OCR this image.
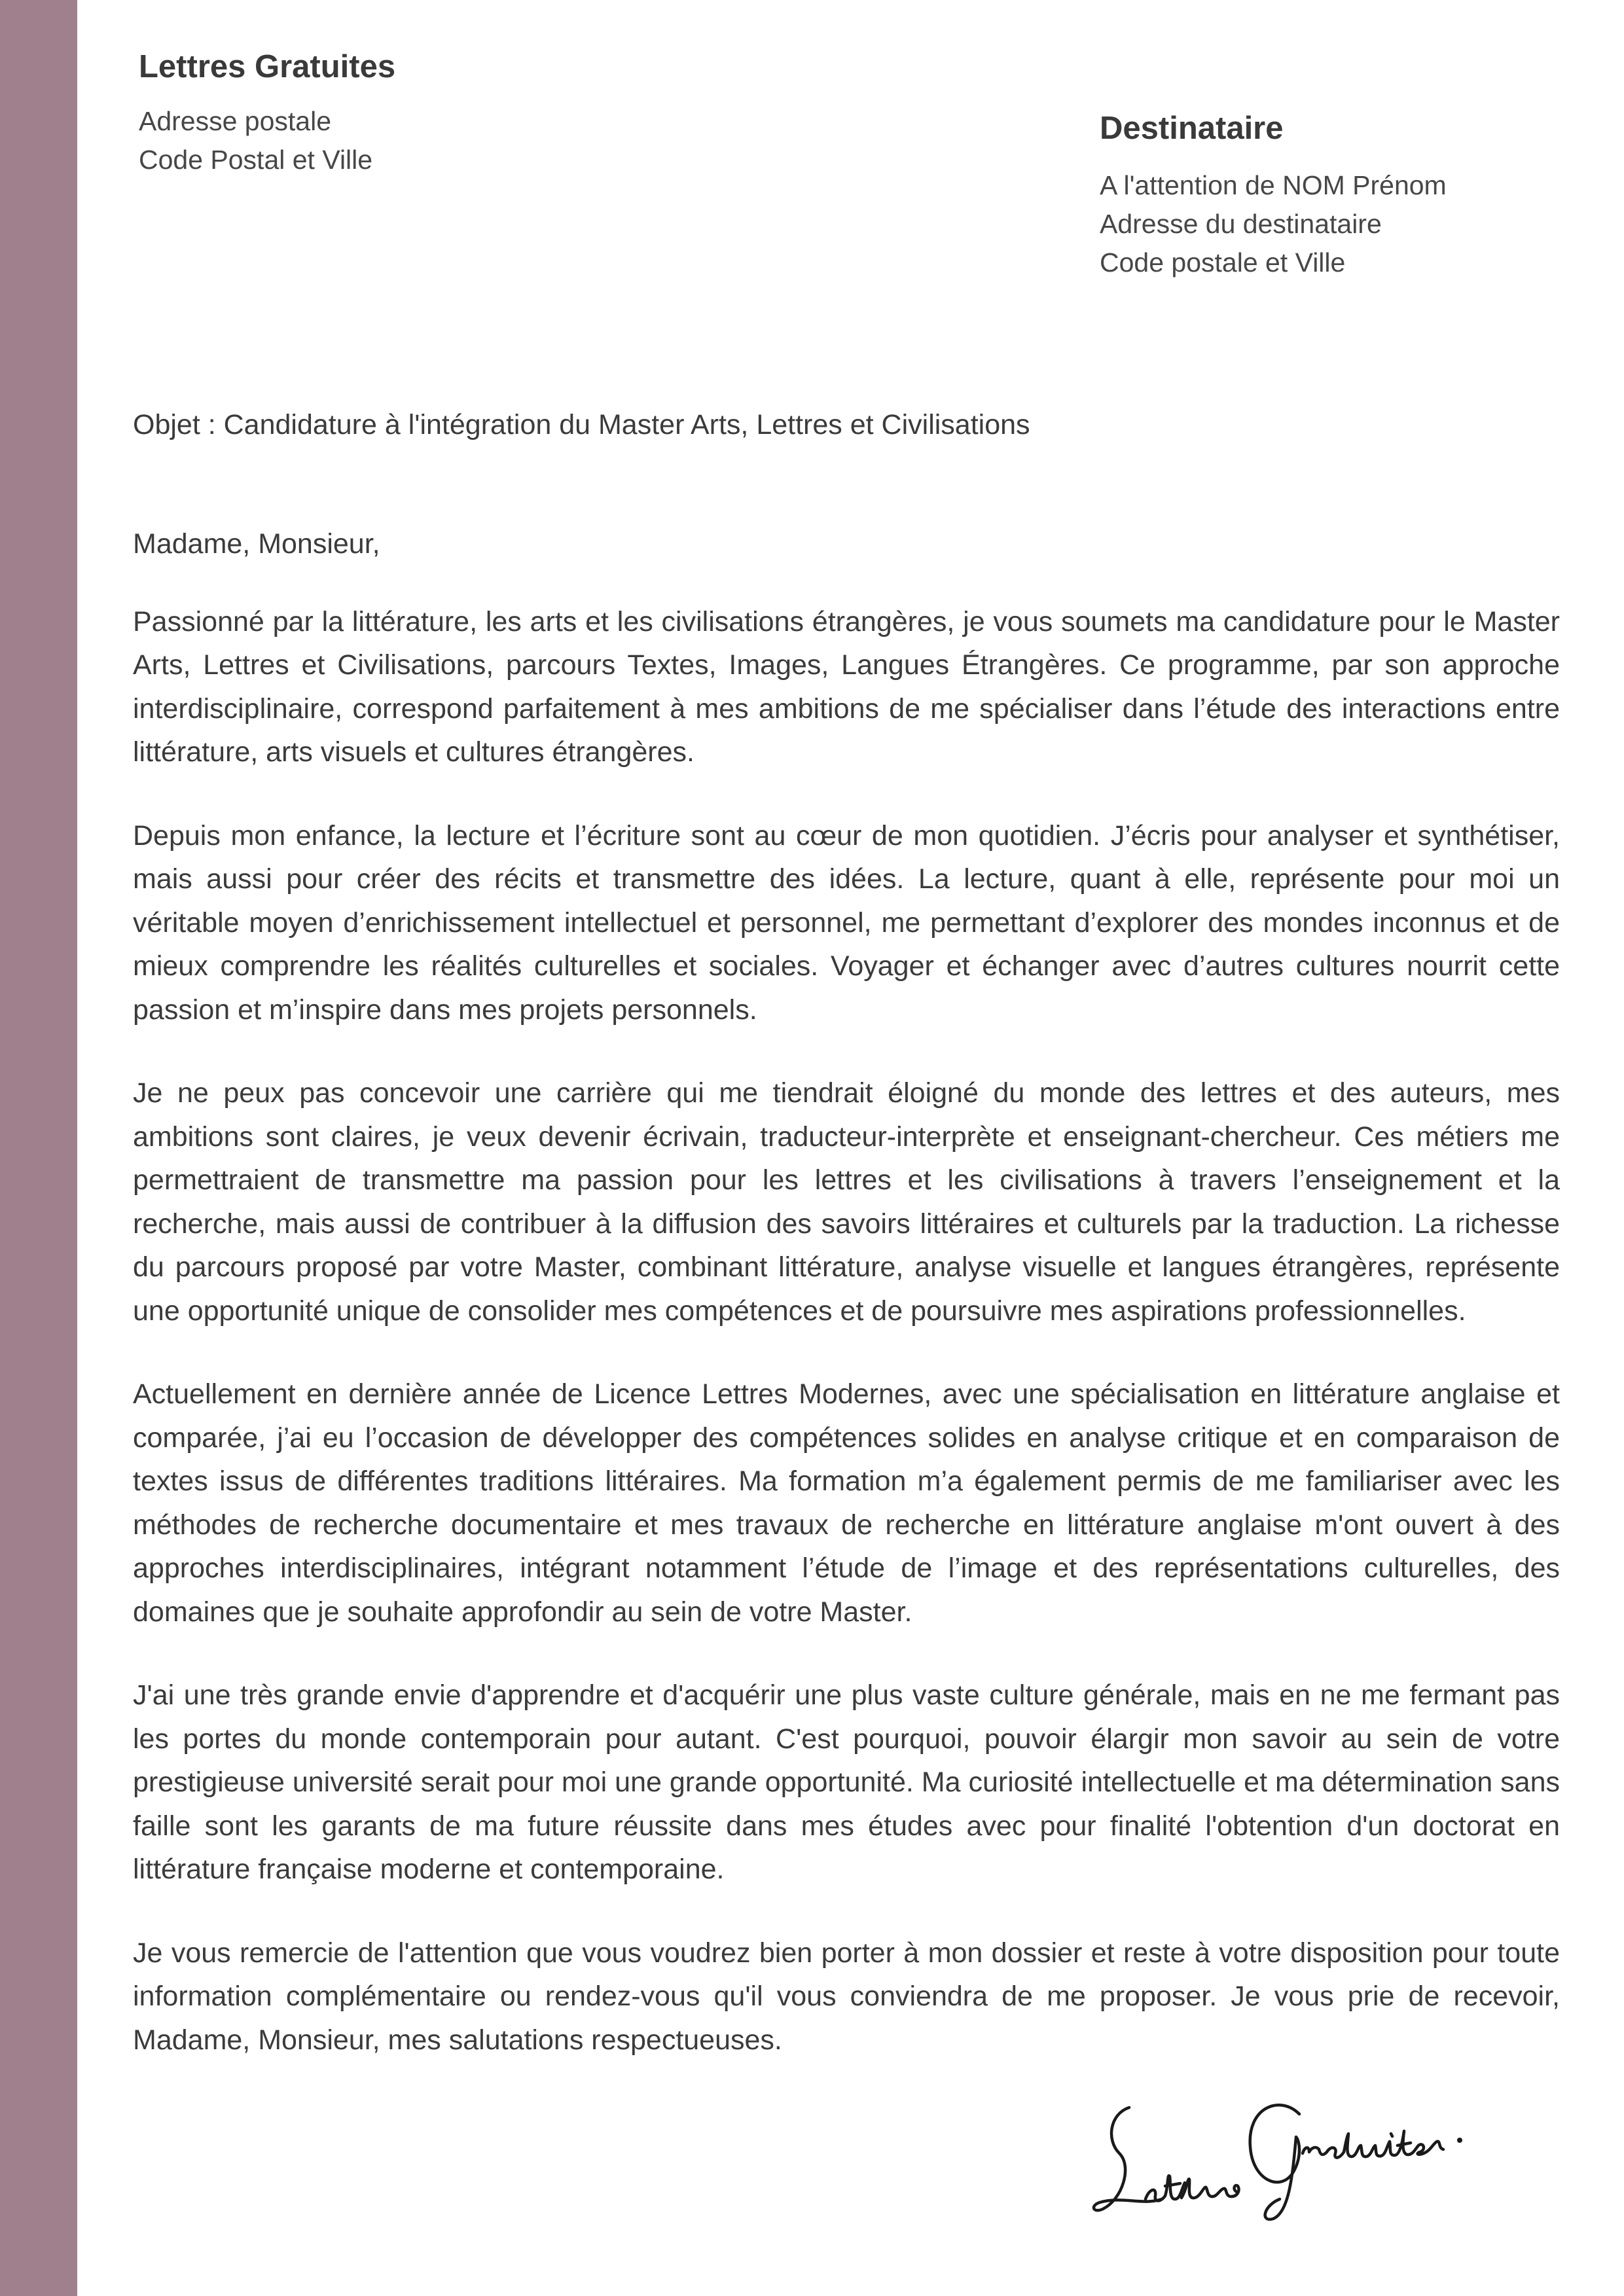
Lettres Gratuites
Adresse postale
Code Postal et Ville
Destinataire
A l'attention de NOM Prénom
Adresse du destinataire
Code postale et Ville
Objet : Candidature à l'intégration du Master Arts, Lettres et Civilisations

Madame, Monsieur,

Passionné par la littérature, les arts et les civilisations étrangères, je vous soumets ma candidature pour le Master Arts, Lettres et Civilisations, parcours Textes, Images, Langues Étrangères. Ce programme, par son approche interdisciplinaire, correspond parfaitement à mes ambitions de me spécialiser dans l’étude des interactions entre littérature, arts visuels et cultures étrangères.

Depuis mon enfance, la lecture et l’écriture sont au cœur de mon quotidien. J’écris pour analyser et synthétiser, mais aussi pour créer des récits et transmettre des idées. La lecture, quant à elle, représente pour moi un véritable moyen d’enrichissement intellectuel et personnel, me permettant d’explorer des mondes inconnus et de mieux comprendre les réalités culturelles et sociales. Voyager et échanger avec d’autres cultures nourrit cette passion et m’inspire dans mes projets personnels.

Je ne peux pas concevoir une carrière qui me tiendrait éloigné du monde des lettres et des auteurs, mes ambitions sont claires, je veux devenir écrivain, traducteur-interprète et enseignant-chercheur. Ces métiers me permettraient de transmettre ma passion pour les lettres et les civilisations à travers l’enseignement et la recherche, mais aussi de contribuer à la diffusion des savoirs littéraires et culturels par la traduction. La richesse du parcours proposé par votre Master, combinant littérature, analyse visuelle et langues étrangères, représente une opportunité unique de consolider mes compétences et de poursuivre mes aspirations professionnelles.

Actuellement en dernière année de Licence Lettres Modernes, avec une spécialisation en littérature anglaise et comparée, j’ai eu l’occasion de développer des compétences solides en analyse critique et en comparaison de textes issus de différentes traditions littéraires. Ma formation m’a également permis de me familiariser avec les méthodes de recherche documentaire et mes travaux de recherche en littérature anglaise m'ont ouvert à des approches interdisciplinaires, intégrant notamment l’étude de l’image et des représentations culturelles, des domaines que je souhaite approfondir au sein de votre Master.

J'ai une très grande envie d'apprendre et d'acquérir une plus vaste culture générale, mais en ne me fermant pas les portes du monde contemporain pour autant. C'est pourquoi, pouvoir élargir mon savoir au sein de votre prestigieuse université serait pour moi une grande opportunité. Ma curiosité intellectuelle et ma détermination sans faille sont les garants de ma future réussite dans mes études avec pour finalité l'obtention d'un doctorat en littérature française moderne et contemporaine.

Je vous remercie de l'attention que vous voudrez bien porter à mon dossier et reste à votre disposition pour toute information complémentaire ou rendez-vous qu'il vous conviendra de me proposer. Je vous prie de recevoir, Madame, Monsieur, mes salutations respectueuses.
